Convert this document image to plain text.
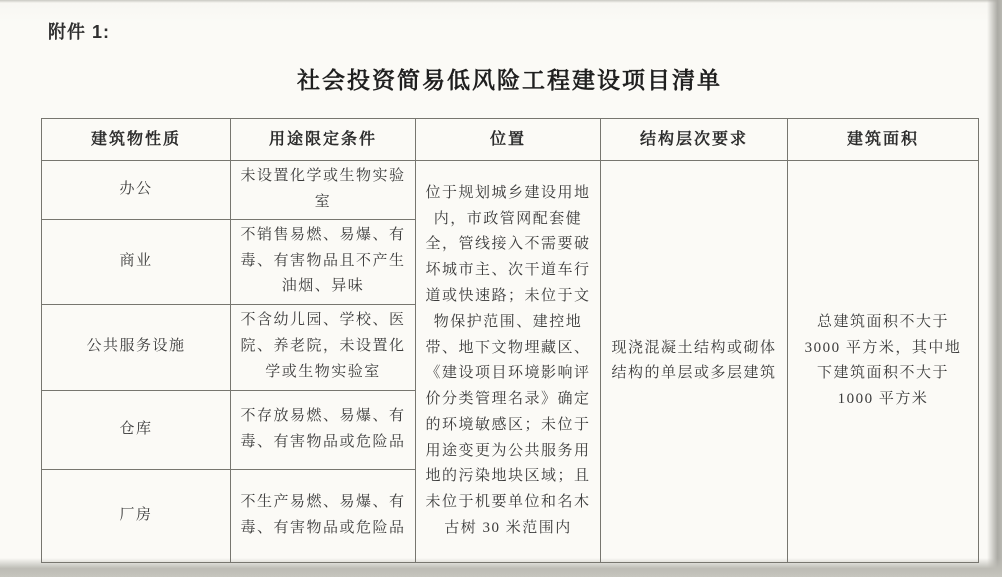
附件 1:
社会投资简易低风险工程建设项目清单
建筑物性质	用途限定条件	位置	结构层次要求	建筑面积
办公	未设置化学或生物实验室	位于规划城乡建设用地内，市政管网配套健全，管线接入不需要破坏城市主、次干道车行道或快速路；未位于文物保护范围、建控地带、地下文物埋藏区、《建设项目环境影响评价分类管理名录》确定的环境敏感区；未位于用途变更为公共服务用地的污染地块区域；且未位于机要单位和名木古树 30 米范围内	现浇混凝土结构或砌体结构的单层或多层建筑	总建筑面积不大于 3000 平方米，其中地下建筑面积不大于 1000 平方米
商业	不销售易燃、易爆、有毒、有害物品且不产生油烟、异味			
公共服务设施	不含幼儿园、学校、医院、养老院，未设置化学或生物实验室			
仓库	不存放易燃、易爆、有毒、有害物品或危险品			
厂房	不生产易燃、易爆、有毒、有害物品或危险品			
